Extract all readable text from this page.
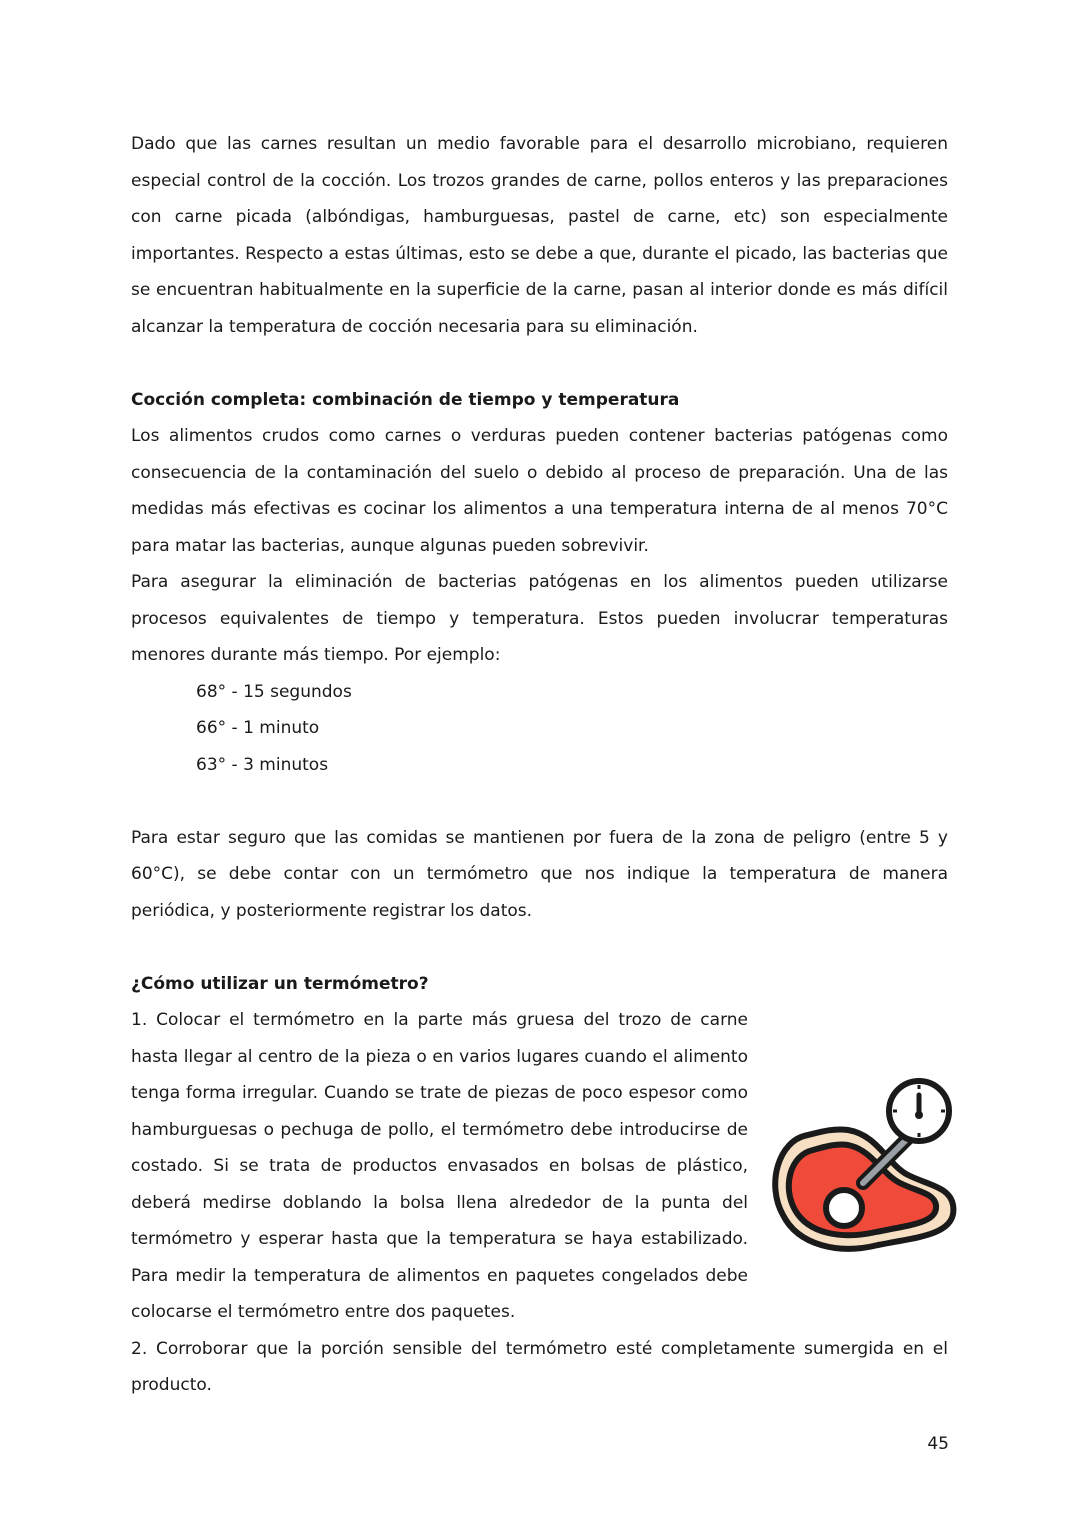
Dado que las carnes resultan un medio favorable para el desarrollo microbiano, requieren especial control de la cocción. Los trozos grandes de carne, pollos enteros y las preparaciones con carne picada (albóndigas, hamburguesas, pastel de carne, etc) son especialmente importantes. Respecto a estas últimas, esto se debe a que, durante el picado, las bacterias que se encuentran habitualmente en la superficie de la carne, pasan al interior donde es más difícil alcanzar la temperatura de cocción necesaria para su eliminación.

Cocción completa: combinación de tiempo y temperatura

Los alimentos crudos como carnes o verduras pueden contener bacterias patógenas como consecuencia de la contaminación del suelo o debido al proceso de preparación. Una de las medidas más efectivas es cocinar los alimentos a una temperatura interna de al menos 70°C para matar las bacterias, aunque algunas pueden sobrevivir.

Para asegurar la eliminación de bacterias patógenas en los alimentos pueden utilizarse procesos equivalentes de tiempo y temperatura. Estos pueden involucrar temperaturas menores durante más tiempo. Por ejemplo:

68° - 15 segundos
66° - 1 minuto
63° - 3 minutos

Para estar seguro que las comidas se mantienen por fuera de la zona de peligro (entre 5 y 60°C), se debe contar con un termómetro que nos indique la temperatura de manera periódica, y posteriormente registrar los datos.

¿Cómo utilizar un termómetro?

1. Colocar el termómetro en la parte más gruesa del trozo de carne hasta llegar al centro de la pieza o en varios lugares cuando el alimento tenga forma irregular. Cuando se trate de piezas de poco espesor como hamburguesas o pechuga de pollo, el termómetro debe introducirse de costado. Si se trata de productos envasados en bolsas de plástico, deberá medirse doblando la bolsa llena alrededor de la punta del termómetro y esperar hasta que la temperatura se haya estabilizado. Para medir la temperatura de alimentos en paquetes congelados debe colocarse el termómetro entre dos paquetes.

2. Corroborar que la porción sensible del termómetro esté completamente sumergida en el producto.

45
